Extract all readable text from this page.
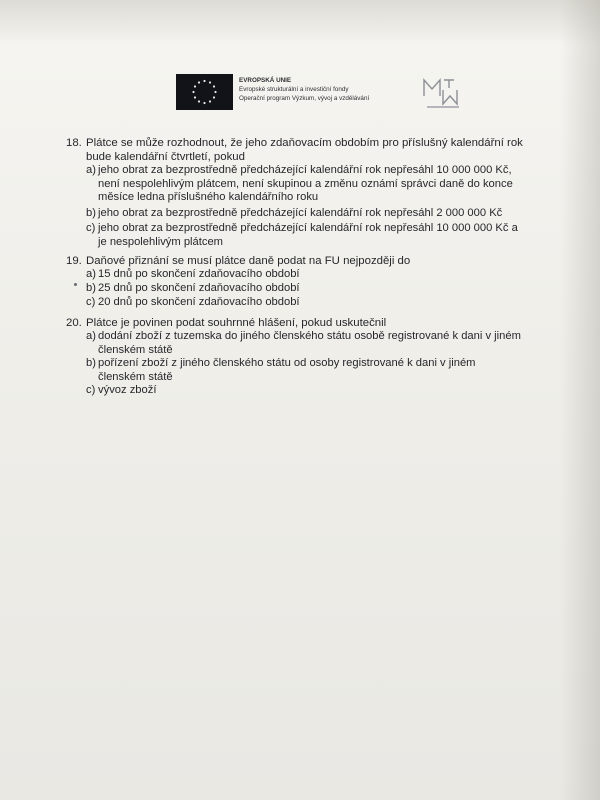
EVROPSKÁ UNIE
Evropské strukturální a investiční fondy
Operační program Výzkum, vývoj a vzdělávání
18. Plátce se může rozhodnout, že jeho zdaňovacím obdobím pro příslušný kalendářní rok
bude kalendářní čtvrtletí, pokud
a) jeho obrat za bezprostředně předcházející kalendářní rok nepřesáhl 10 000 000 Kč,
není nespolehlivým plátcem, není skupinou a změnu oznámí správci daně do konce
měsíce ledna příslušného kalendářního roku
b) jeho obrat za bezprostředně předcházející kalendářní rok nepřesáhl 2 000 000 Kč
c) jeho obrat za bezprostředně předcházející kalendářní rok nepřesáhl 10 000 000 Kč a
je nespolehlivým plátcem
19. Daňové přiznání se musí plátce daně podat na FU nejpozději do
a) 15 dnů po skončení zdaňovacího období
b) 25 dnů po skončení zdaňovacího období
c) 20 dnů po skončení zdaňovacího období
20. Plátce je povinen podat souhrnné hlášení, pokud uskutečnil
a) dodání zboží z tuzemska do jiného členského státu osobě registrované k dani v jiném
členském státě
b) pořízení zboží z jiného členského státu od osoby registrované k dani v jiném
členském státě
c) vývoz zboží
